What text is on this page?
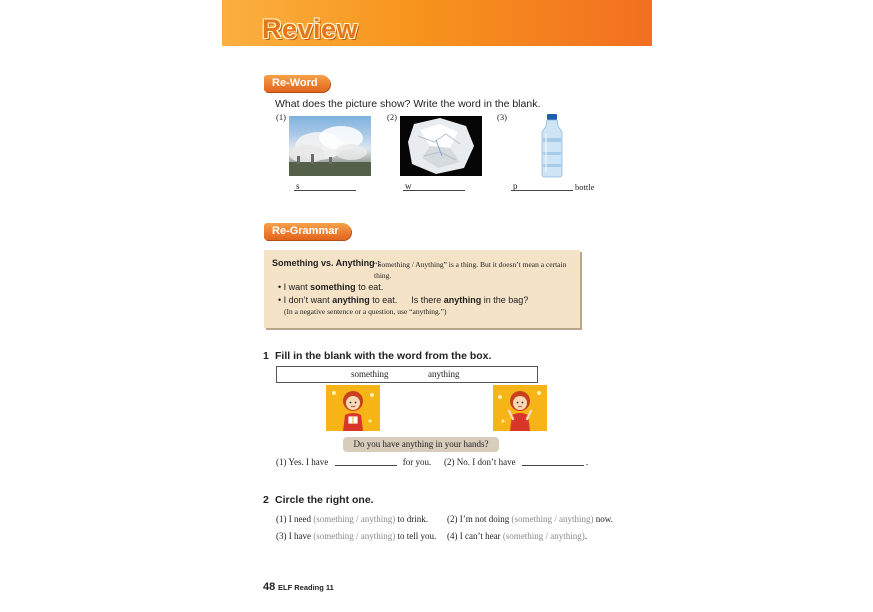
Review
Re-Word
What does the picture show? Write the word in the blank.
(1)	(2)	(3)
s	w	p	bottle
Re-Grammar
Something vs. Anything :
“Something / Anything” is a thing. But it doesn’t mean a certain thing.
• I want something to eat.
• I don’t want anything to eat. Is there anything in the bag?
(In a negative sentence or a question, use “anything.”)
1 Fill in the blank with the word from the box.
something	anything
Do you have anything in your hands?
(1) Yes. I have	for you. (2) No. I don’t have	.
2 Circle the right one.
(1) I need (something / anything) to drink. (2) I’m not doing (something / anything) now.
(3) I have (something / anything) to tell you. (4) I can’t hear (something / anything).
48 ELF Reading 11
